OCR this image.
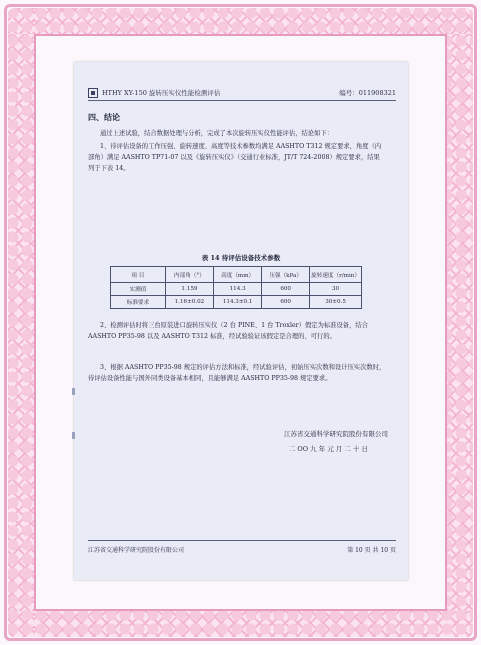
HTHY XY-150 旋转压实仪性能检测评估	编号：011908321
四、结论
通过上述试验，结合数据处理与分析，完成了本次旋转压实仪性能评估，结论如下：
1、待评估设备的工作压强、旋转速度、高度等技术参数均满足 AASHTO T312 规定要求，角度（内部角）满足 AASHTO TP71-07 以及《旋转压实仪》（交通行业标准，JT/T 724-2008）规定要求，结果列于下表 14。
表 14 待评估设备技术参数
项 目	内部角（°）	高度（mm）	压强（kPa）	旋转速度（r/min）
实测值	1.159	114.3	600	30
标准要求	1.16±0.02	114.3±0.1	600	30±0.5
2、检测评估时将三台原装进口旋转压实仪（2 台 PINE、1 台 Troxler）假定为标准设备，结合 AASHTO PP35-98 以及 AASHTO T312 标准，经试验验证该假定是合理的、可行的。
3、根据 AASHTO PP35-98 规定的评估方法和标准，经试验评估，初始压实次数和设计压实次数时，待评估设备性能与国外同类设备基本相同，且能够满足 AASHTO PP35-98 规定要求。
江苏省交通科学研究院股份有限公司
二 OO 九 年 元 月 二 十 日
江苏省交通科学研究院股份有限公司	第 10 页 共 10 页
